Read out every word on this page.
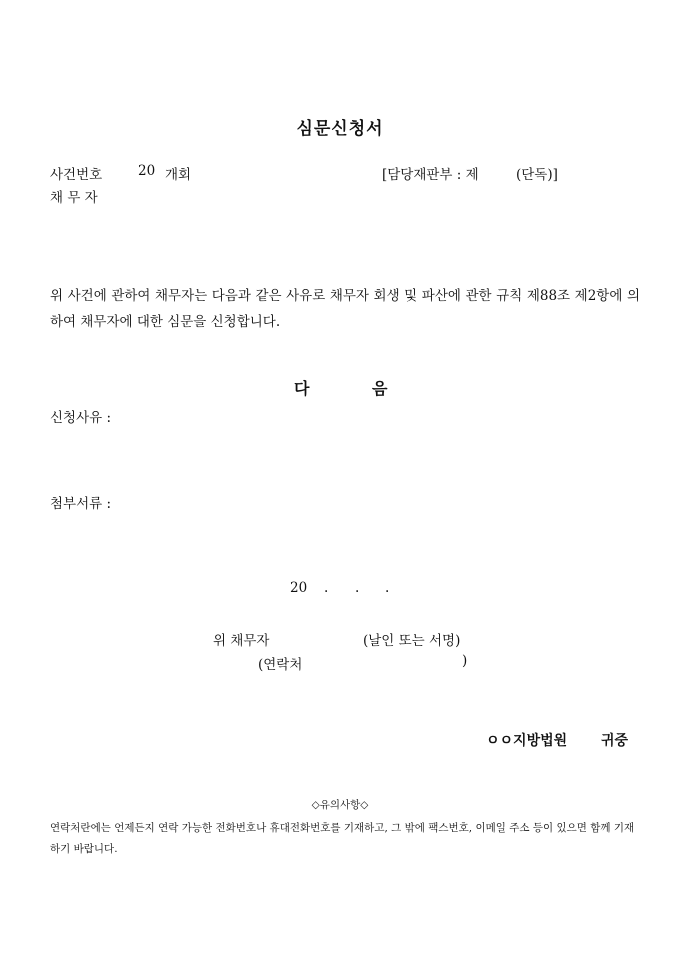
심문신청서
사건번호	20 개회	[담당재판부 : 제	(단독)]
채 무 자
위 사건에 관하여 채무자는 다음과 같은 사유로 채무자 회생 및 파산에 관한 규칙 제88조 제2항에 의하여 채무자에 대한 심문을 신청합니다.
다	음
신청사유 :
첨부서류 :
20 . . .
위 채무자	(날인 또는 서명)
(연락처	)
ㅇㅇ지방법원 귀중
◇유의사항◇
연락처란에는 언제든지 연락 가능한 전화번호나 휴대전화번호를 기재하고, 그 밖에 팩스번호, 이메일 주소 등이 있으면 함께 기재하기 바랍니다.
